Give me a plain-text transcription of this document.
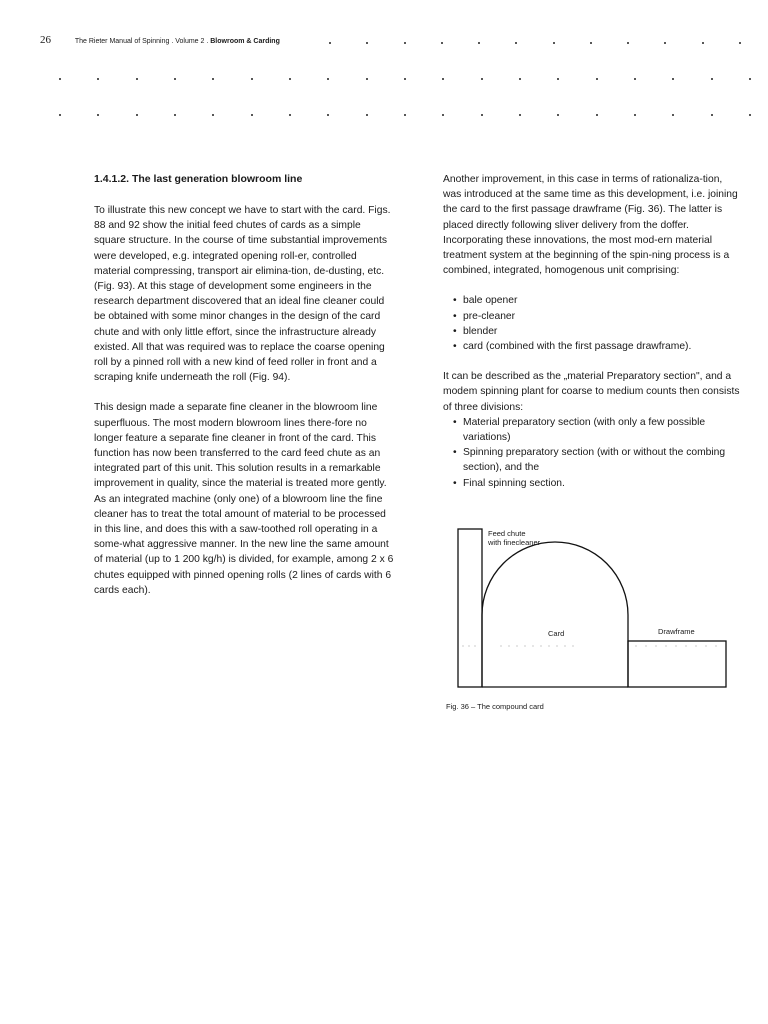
26	The Rieter Manual of Spinning . Volume 2 . Blowroom & Carding
1.4.1.2. The last generation blowroom line

To illustrate this new concept we have to start with the card. Figs. 88 and 92 show the initial feed chutes of cards as a simple square structure. In the course of time substantial improvements were developed, e.g. integrated opening roll-er, controlled material compressing, transport air elimina-tion, de-dusting, etc. (Fig. 93). At this stage of development some engineers in the research department discovered that an ideal fine cleaner could be obtained with some minor changes in the design of the card chute and with only little effort, since the infrastructure already existed. All that was required was to replace the coarse opening roll by a pinned roll with a new kind of feed roller in front and a scraping knife underneath the roll (Fig. 94).

This design made a separate fine cleaner in the blowroom line superfluous. The most modern blowroom lines there-fore no longer feature a separate fine cleaner in front of the card. This function has now been transferred to the card feed chute as an integrated part of this unit. This solution results in a remarkable improvement in quality, since the material is treated more gently. As an integrated machine (only one) of a blowroom line the fine cleaner has to treat the total amount of material to be processed in this line, and does this with a saw-toothed roll operating in a some-what aggressive manner. In the new line the same amount of material (up to 1 200 kg/h) is divided, for example, among 2 x 6 chutes equipped with pinned opening rolls (2 lines of cards with 6 cards each).

Another improvement, in this case in terms of rationaliza-tion, was introduced at the same time as this development, i.e. joining the card to the first passage drawframe (Fig. 36). The latter is placed directly following sliver delivery from the doffer. Incorporating these innovations, the most mod-ern material treatment system at the beginning of the spin-ning process is a combined, integrated, homogenous unit comprising:

• bale opener
• pre-cleaner
• blender
• card (combined with the first passage drawframe).

It can be described as the „material Preparatory section", and a modem spinning plant for coarse to medium counts then consists of three divisions:

• Material preparatory section (with only a few possible variations)
• Spinning preparatory section (with or without the combing section), and the
• Final spinning section.
Feed chute
with finecleaner
Card	Drawframe
Fig. 36 – The compound card
